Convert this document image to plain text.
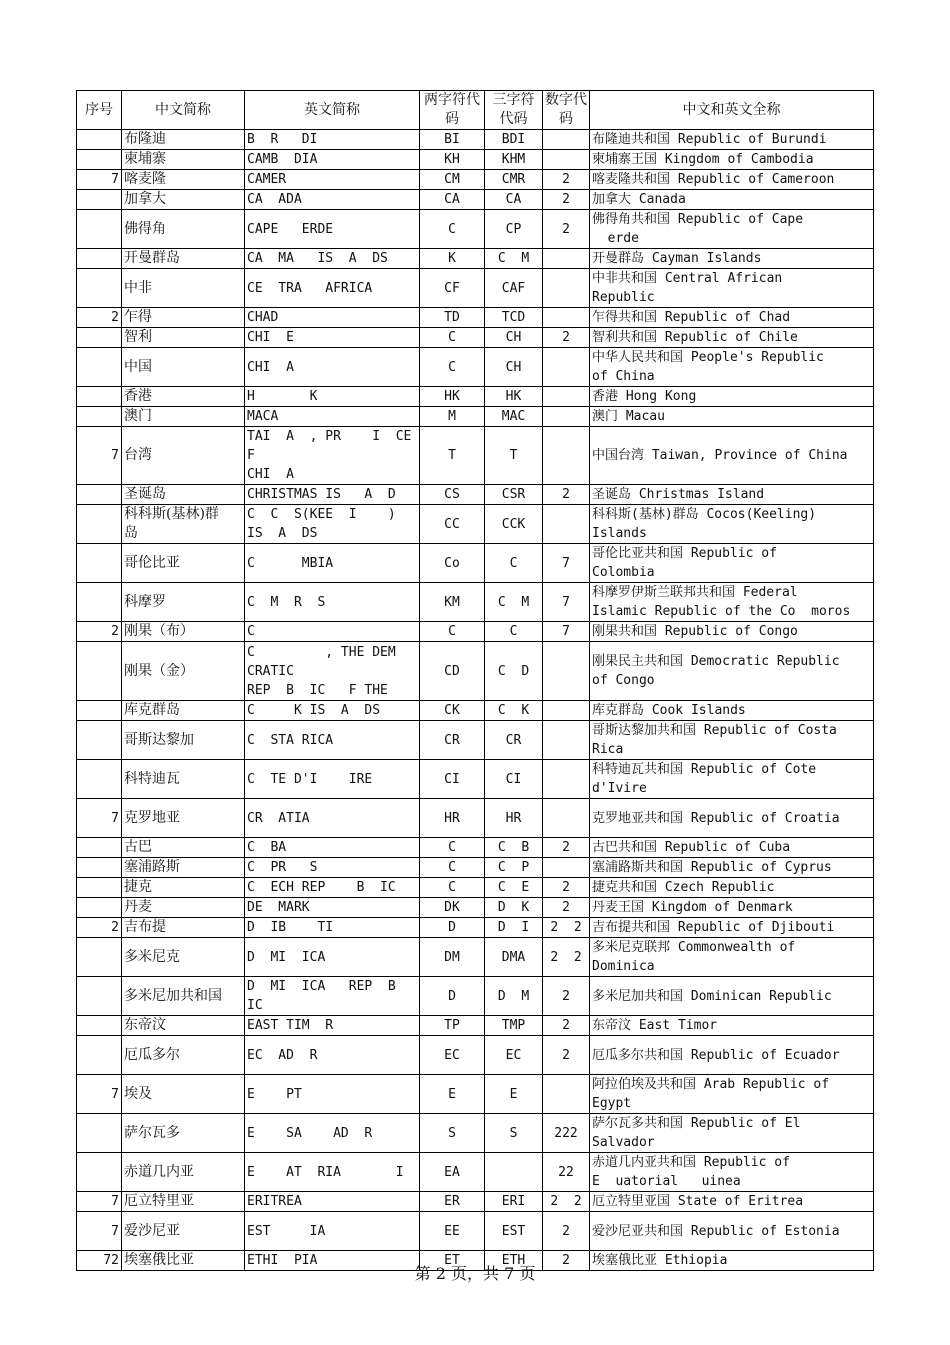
序号	中文简称	英文简称	两字符代码	三字符代码	数字代码	中文和英文全称
	布隆迪	B  R   DI	BI	BDI		布隆迪共和国 Republic of Burundi
	柬埔寨	CAMB  DIA	KH	KHM		柬埔寨王国 Kingdom of Cambodia
7	喀麦隆	CAMER	CM	CMR	2	喀麦隆共和国 Republic of Cameroon
	加拿大	CA  ADA	CA	CA	2	加拿大 Canada
	佛得角	CAPE   ERDE	C	CP	2	佛得角共和国 Republic of Cape
erde
	开曼群岛	CA  MA   IS  A  DS	K	C  M		开曼群岛 Cayman Islands
	中非	CE  TRA   AFRICA	CF	CAF		中非共和国 Central African
Republic
2	乍得	CHAD	TD	TCD		乍得共和国 Republic of Chad
	智利	CHI  E	C	CH	2	智利共和国 Republic of Chile
	中国	CHI  A	C	CH		中华人民共和国 People's Republic
of China
	香港	H       K	HK	HK		香港 Hong Kong
	澳门	MACA	M	MAC		澳门 Macau
7	台湾	TAI  A  , PR    I  CE   F
CHI  A	T	T		中国台湾 Taiwan, Province of China
	圣诞岛	CHRISTMAS IS   A  D	CS	CSR	2	圣诞岛 Christmas Island
	科科斯(基林)群
岛	C  C  S(KEE  I    )
IS  A  DS	CC	CCK		科科斯(基林)群岛 Cocos(Keeling)
Islands
	哥伦比亚	C      MBIA	Co	C	7	哥伦比亚共和国 Republic of
Colombia
	科摩罗	C  M  R  S	KM	C  M	7	科摩罗伊斯兰联邦共和国 Federal
Islamic Republic of the Co  moros
2	刚果（布）	C	C	C	7	刚果共和国 Republic of Congo
	刚果（金）	C         , THE DEM  CRATIC
REP  B  IC   F THE	CD	C  D		刚果民主共和国 Democratic Republic
of Congo
	库克群岛	C     K IS  A  DS	CK	C  K		库克群岛 Cook Islands
	哥斯达黎加	C  STA RICA	CR	CR		哥斯达黎加共和国 Republic of Costa
Rica
	科特迪瓦	C  TE D'I    IRE	CI	CI		科特迪瓦共和国 Republic of Cote
d'Ivire
7	克罗地亚	CR  ATIA	HR	HR		克罗地亚共和国 Republic of Croatia
	古巴	C  BA	C	C  B	2	古巴共和国 Republic of Cuba
	塞浦路斯	C  PR   S	C	C  P		塞浦路斯共和国 Republic of Cyprus
	捷克	C  ECH REP    B  IC	C	C  E	2	捷克共和国 Czech Republic
	丹麦	DE  MARK	DK	D  K	2	丹麦王国 Kingdom of Denmark
2	吉布提	D  IB    TI	D	D  I	2  2	吉布提共和国 Republic of Djibouti
	多米尼克	D  MI  ICA	DM	DMA	2  2	多米尼克联邦 Commonwealth of
Dominica
	多米尼加共和国	D  MI  ICA   REP  B  IC	D	D  M	2	多米尼加共和国 Dominican Republic
	东帝汶	EAST TIM  R	TP	TMP	2	东帝汶 East Timor
	厄瓜多尔	EC  AD  R	EC	EC	2	厄瓜多尔共和国 Republic of Ecuador
7	埃及	E    PT	E	E		阿拉伯埃及共和国 Arab Republic of
Egypt
	萨尔瓦多	E    SA    AD  R	S	S	222	萨尔瓦多共和国 Republic of El
Salvador
	赤道几内亚	E    AT  RIA       I	EA		22	赤道几内亚共和国 Republic of
E  uatorial   uinea
7	厄立特里亚	ERITREA	ER	ERI	2  2	厄立特里亚国 State of Eritrea
7	爱沙尼亚	EST     IA	EE	EST	2	爱沙尼亚共和国 Republic of Estonia
72	埃塞俄比亚	ETHI  PIA	ET	ETH	2	埃塞俄比亚 Ethiopia
第 2 页，共 7 页
